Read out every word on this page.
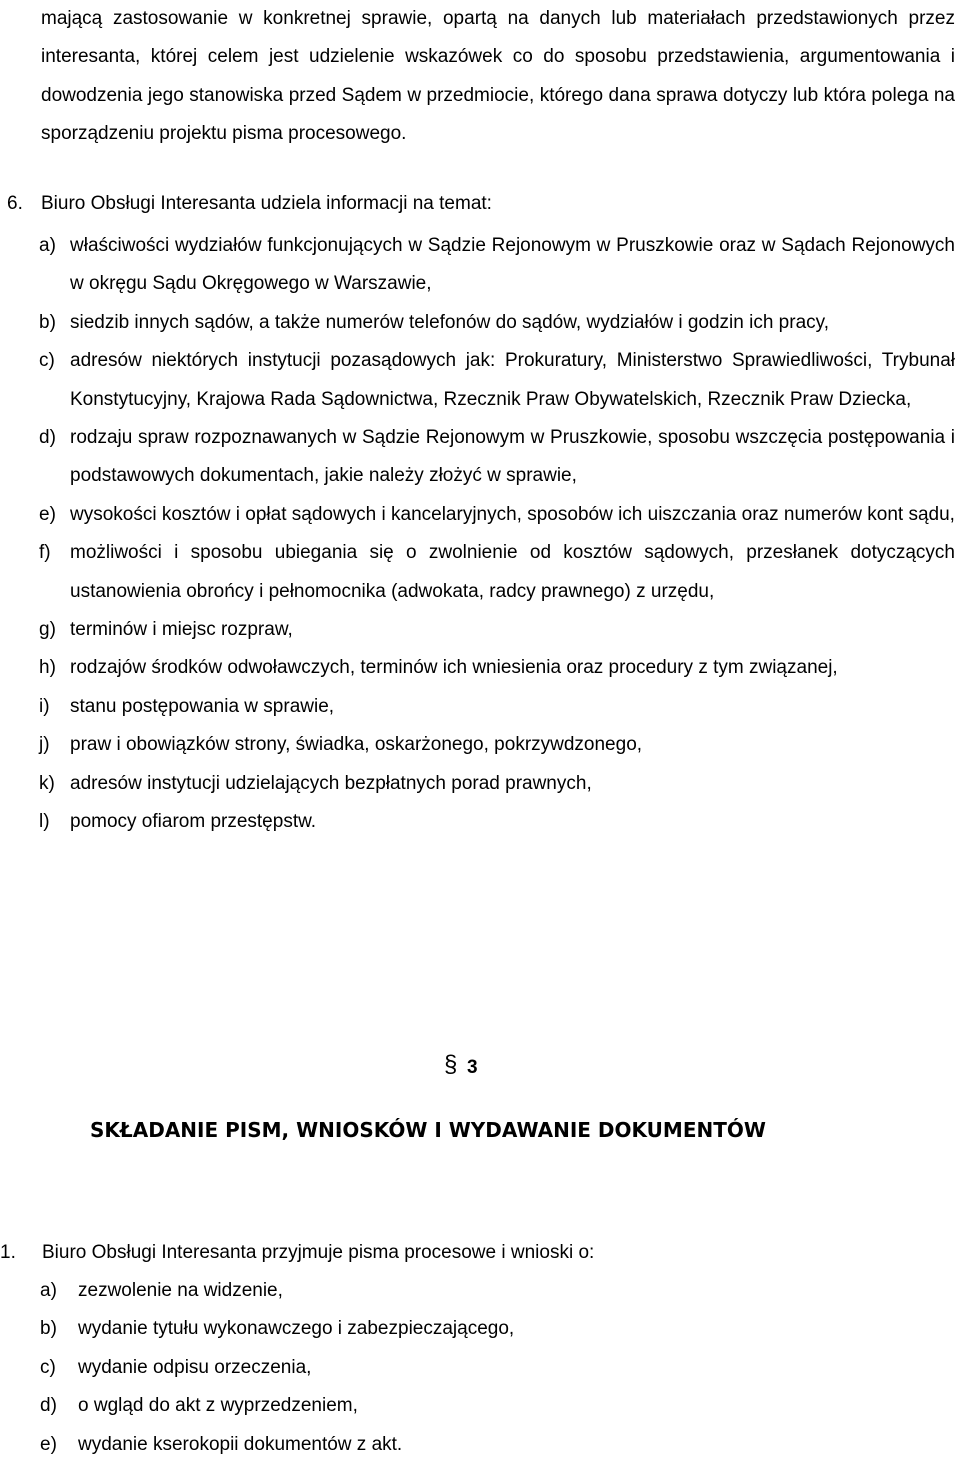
mającą zastosowanie w konkretnej sprawie, opartą na danych lub materiałach przedstawionych przez interesanta, której celem jest udzielenie wskazówek co do sposobu przedstawienia, argumentowania i dowodzenia jego stanowiska przed Sądem w przedmiocie, którego dana sprawa dotyczy lub która polega na sporządzeniu projektu pisma procesowego.

6. Biuro Obsługi Interesanta udziela informacji na temat:
a) właściwości wydziałów funkcjonujących w Sądzie Rejonowym w Pruszkowie oraz w Sądach Rejonowych w okręgu Sądu Okręgowego w Warszawie,
b) siedzib innych sądów, a także numerów telefonów do sądów, wydziałów i godzin ich pracy,
c) adresów niektórych instytucji pozasądowych jak: Prokuratury, Ministerstwo Sprawiedliwości, Trybunał Konstytucyjny, Krajowa Rada Sądownictwa, Rzecznik Praw Obywatelskich, Rzecznik Praw Dziecka,
d) rodzaju spraw rozpoznawanych w Sądzie Rejonowym w Pruszkowie, sposobu wszczęcia postępowania i podstawowych dokumentach, jakie należy złożyć w sprawie,
e) wysokości kosztów i opłat sądowych i kancelaryjnych, sposobów ich uiszczania oraz numerów kont sądu,
f) możliwości i sposobu ubiegania się o zwolnienie od kosztów sądowych, przesłanek dotyczących ustanowienia obrońcy i pełnomocnika (adwokata, radcy prawnego) z urzędu,
g) terminów i miejsc rozpraw,
h) rodzajów środków odwoławczych, terminów ich wniesienia oraz procedury z tym związanej,
i) stanu postępowania w sprawie,
j) praw i obowiązków strony, świadka, oskarżonego, pokrzywdzonego,
k) adresów instytucji udzielających bezpłatnych porad prawnych,
l) pomocy ofiarom przestępstw.
§ 3
SKŁADANIE PISM, WNIOSKÓW I WYDAWANIE DOKUMENTÓW
1. Biuro Obsługi Interesanta przyjmuje pisma procesowe i wnioski o:
a) zezwolenie na widzenie,
b) wydanie tytułu wykonawczego i zabezpieczającego,
c) wydanie odpisu orzeczenia,
d) o wgląd do akt z wyprzedzeniem,
e) wydanie kserokopii dokumentów z akt.
